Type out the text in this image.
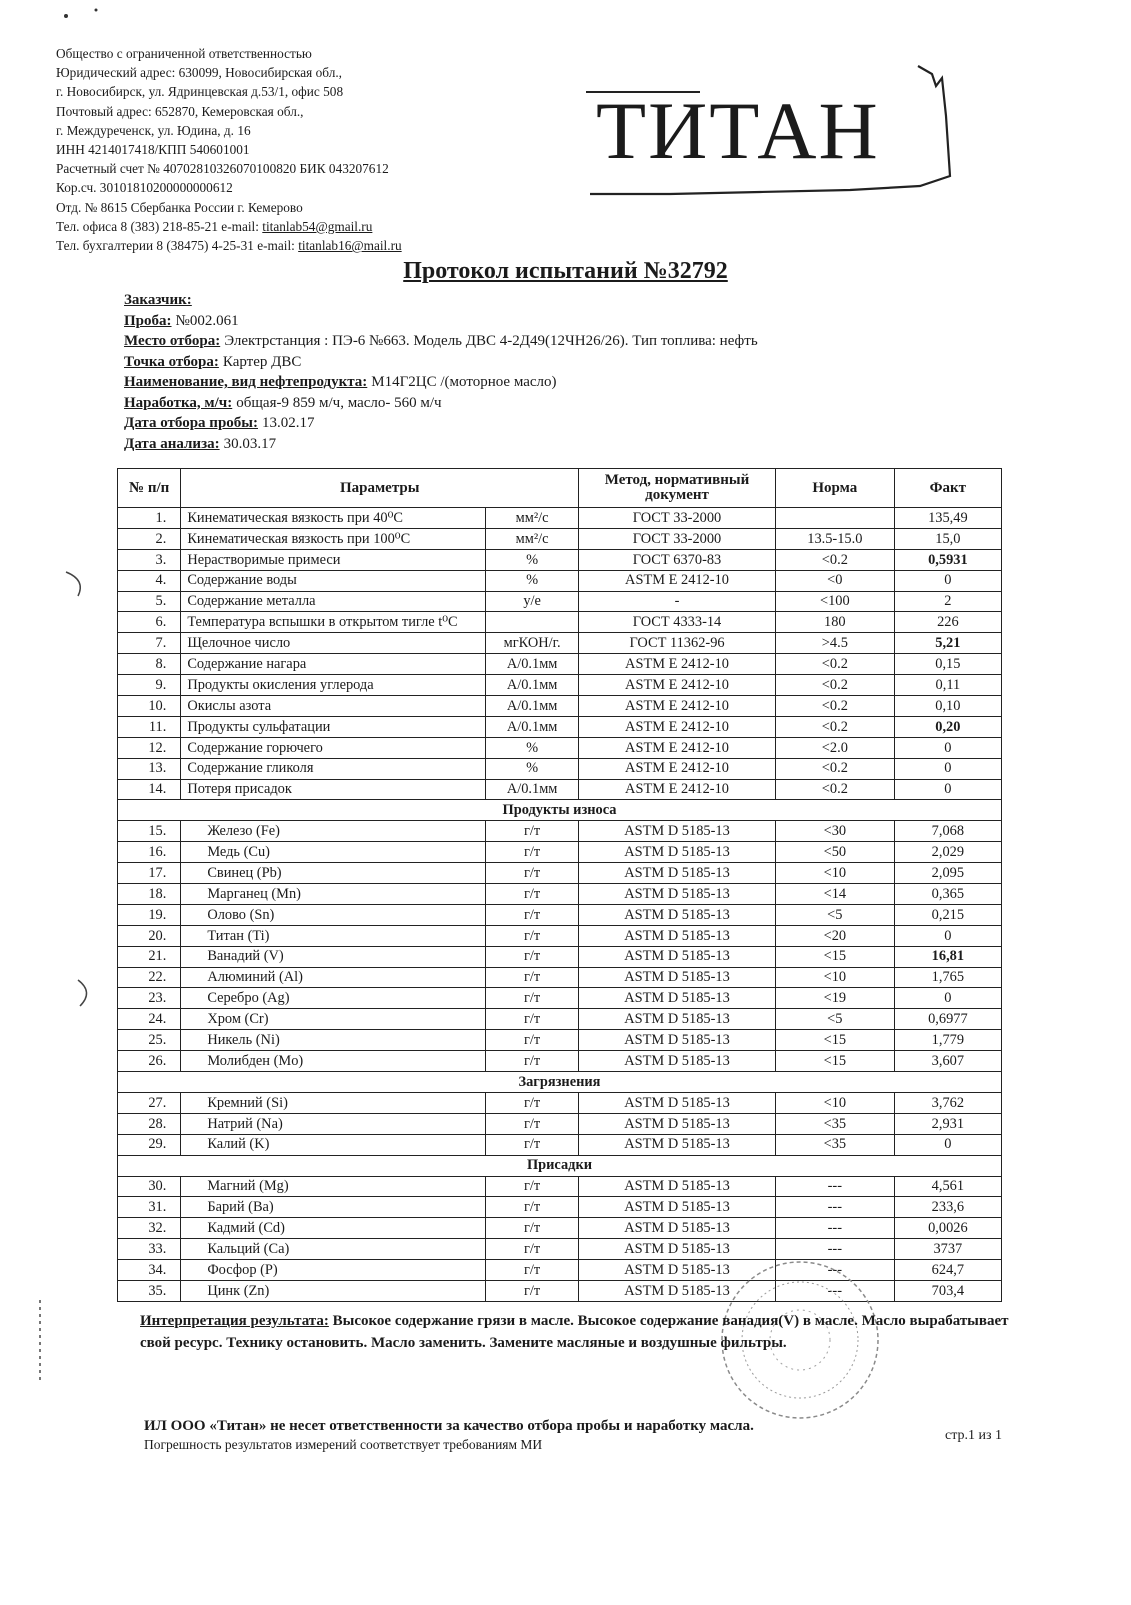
Общество с ограниченной ответственностью
Юридический адрес: 630099, Новосибирская обл.,
г. Новосибирск, ул. Ядринцевская д.53/1, офис 508
Почтовый адрес: 652870, Кемеровская обл.,
г. Междуреченск, ул. Юдина, д. 16
ИНН 4214017418/КПП 540601001
Расчетный счет № 40702810326070100820 БИК 043207612
Кор.сч. 30101810200000000612
Отд. № 8615 Сбербанка России г. Кемерово
Тел. офиса 8 (383) 218-85-21 e-mail: titanlab54@gmail.ru
Тел. бухгалтерии 8 (38475) 4-25-31 e-mail: titanlab16@mail.ru
ТИТАН
Протокол испытаний №32792
Заказчик:
Проба: №002.061
Место отбора: Электрстанция : ПЭ-6 №663. Модель ДВС 4-2Д49(12ЧН26/26). Тип топлива: нефть
Точка отбора: Картер ДВС
Наименование, вид нефтепродукта: М14Г2ЦС /(моторное масло)
Наработка, м/ч: общая-9 859 м/ч, масло- 560 м/ч
Дата отбора пробы: 13.02.17
Дата анализа: 30.03.17
№ п/п	Параметры		Метод, нормативный документ	Норма	Факт
1.	Кинематическая вязкость при 40⁰С	мм²/с	ГОСТ 33-2000		135,49
2.	Кинематическая вязкость при 100⁰С	мм²/с	ГОСТ 33-2000	13.5-15.0	15,0
3.	Нерастворимые примеси	%	ГОСТ 6370-83	<0.2	0,5931
4.	Содержание воды	%	ASTM E 2412-10	<0	0
5.	Содержание металла	у/е	-	<100	2
6.	Температура вспышки в открытом тигле t⁰С		ГОСТ 4333-14	180	226
7.	Щелочное число	мгКОН/г.	ГОСТ 11362-96	>4.5	5,21
8.	Содержание нагара	А/0.1мм	ASTM E 2412-10	<0.2	0,15
9.	Продукты окисления углерода	А/0.1мм	ASTM E 2412-10	<0.2	0,11
10.	Окислы азота	А/0.1мм	ASTM E 2412-10	<0.2	0,10
11.	Продукты сульфатации	А/0.1мм	ASTM E 2412-10	<0.2	0,20
12.	Содержание горючего	%	ASTM E 2412-10	<2.0	0
13.	Содержание гликоля	%	ASTM E 2412-10	<0.2	0
14.	Потеря присадок	А/0.1мм	ASTM E 2412-10	<0.2	0
Продукты износа					
15.	Железо (Fe)	г/т	ASTM D 5185-13	<30	7,068
16.	Медь (Cu)	г/т	ASTM D 5185-13	<50	2,029
17.	Свинец (Pb)	г/т	ASTM D 5185-13	<10	2,095
18.	Марганец (Mn)	г/т	ASTM D 5185-13	<14	0,365
19.	Олово (Sn)	г/т	ASTM D 5185-13	<5	0,215
20.	Титан (Ti)	г/т	ASTM D 5185-13	<20	0
21.	Ванадий (V)	г/т	ASTM D 5185-13	<15	16,81
22.	Алюминий (Al)	г/т	ASTM D 5185-13	<10	1,765
23.	Серебро (Ag)	г/т	ASTM D 5185-13	<19	0
24.	Хром (Cr)	г/т	ASTM D 5185-13	<5	0,6977
25.	Никель (Ni)	г/т	ASTM D 5185-13	<15	1,779
26.	Молибден (Mo)	г/т	ASTM D 5185-13	<15	3,607
Загрязнения					
27.	Кремний (Si)	г/т	ASTM D 5185-13	<10	3,762
28.	Натрий (Na)	г/т	ASTM D 5185-13	<35	2,931
29.	Калий (K)	г/т	ASTM D 5185-13	<35	0
Присадки					
30.	Магний (Mg)	г/т	ASTM D 5185-13	---	4,561
31.	Барий (Ba)	г/т	ASTM D 5185-13	---	233,6
32.	Кадмий (Cd)	г/т	ASTM D 5185-13	---	0,0026
33.	Кальций (Ca)	г/т	ASTM D 5185-13	---	3737
34.	Фосфор (P)	г/т	ASTM D 5185-13	---	624,7
35.	Цинк (Zn)	г/т	ASTM D 5185-13	---	703,4
Интерпретация результата: Высокое содержание грязи в масле. Высокое содержание ванадия(V) в масле. Масло вырабатывает свой ресурс. Технику остановить. Масло заменить. Замените масляные и воздушные фильтры.
ИЛ ООО «Титан» не несет ответственности за качество отбора пробы и наработку масла.
Погрешность результатов измерений соответствует требованиям МИ
стр.1 из 1
